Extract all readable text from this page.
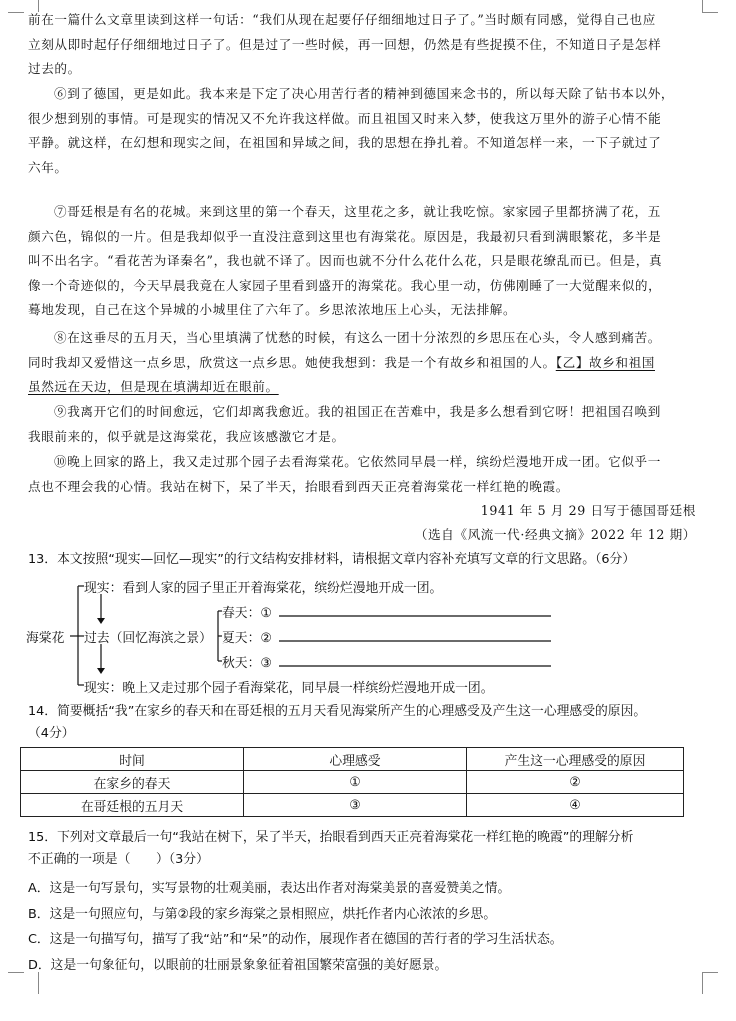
前在一篇什么文章里读到这样一句话：“我们从现在起要仔仔细细地过日子了。”当时颇有同感，觉得自己也应
立刻从即时起仔仔细细地过日子了。但是过了一些时候，再一回想，仍然是有些捉摸不住，不知道日子是怎样
过去的。
⑥到了德国，更是如此。我本来是下定了决心用苦行者的精神到德国来念书的，所以每天除了钻书本以外，
很少想到别的事情。可是现实的情况又不允许我这样做。而且祖国又时来入梦，使我这万里外的游子心情不能
平静。就这样，在幻想和现实之间，在祖国和异域之间，我的思想在挣扎着。不知道怎样一来，一下子就过了
六年。
⑦哥廷根是有名的花城。来到这里的第一个春天，这里花之多，就让我吃惊。家家园子里都挤满了花，五
颜六色，锦似的一片。但是我却似乎一直没注意到这里也有海棠花。原因是，我最初只看到满眼繁花，多半是
叫不出名字。“看花苦为译秦名”，我也就不译了。因而也就不分什么花什么花，只是眼花缭乱而已。但是，真
像一个奇迹似的，今天早晨我竟在人家园子里看到盛开的海棠花。我心里一动，仿佛刚睡了一大觉醒来似的，
蓦地发现，自己在这个异城的小城里住了六年了。乡思浓浓地压上心头，无法排解。
⑧在这垂尽的五月天，当心里填满了忧愁的时候，有这么一团十分浓烈的乡思压在心头，令人感到痛苦。
同时我却又爱惜这一点乡思，欣赏这一点乡思。她使我想到：我是一个有故乡和祖国的人。【乙】故乡和祖国
虽然远在天边，但是现在填满却近在眼前。
⑨我离开它们的时间愈远，它们却离我愈近。我的祖国正在苦难中，我是多么想看到它呀！把祖国召唤到
我眼前来的，似乎就是这海棠花，我应该感激它才是。
⑩晚上回家的路上，我又走过那个园子去看海棠花。它依然同早晨一样，缤纷烂漫地开成一团。它似乎一
点也不理会我的心情。我站在树下，呆了半天，抬眼看到西天正亮着海棠花一样红艳的晚霞。
1941 年 5 月 29 日写于德国哥廷根
（选自《风流一代·经典文摘》2022 年 12 期）
13．本文按照“现实—回忆—现实”的行文结构安排材料，请根据文章内容补充填写文章的行文思路。（6分）
海棠花
现实：看到人家的园子里正开着海棠花，缤纷烂漫地开成一团。
过去（回忆海滨之景）
春天：①
夏天：②
秋天：③
现实：晚上又走过那个园子看海棠花，同早晨一样缤纷烂漫地开成一团。
14．简要概括“我”在家乡的春天和在哥廷根的五月天看见海棠所产生的心理感受及产生这一心理感受的原因。
（4分）
时间	心理感受	产生这一心理感受的原因
在家乡的春天	①	②
在哥廷根的五月天	③	④
15．下列对文章最后一句“我站在树下，呆了半天，抬眼看到西天正亮着海棠花一样红艳的晚霞”的理解分析
不正确的一项是（　　）（3分）
A．这是一句写景句，实写景物的壮观美丽，表达出作者对海棠美景的喜爱赞美之情。
B．这是一句照应句，与第②段的家乡海棠之景相照应，烘托作者内心浓浓的乡思。
C．这是一句描写句，描写了我“站”和“呆”的动作，展现作者在德国的苦行者的学习生活状态。
D．这是一句象征句，以眼前的壮丽景象象征着祖国繁荣富强的美好愿景。
